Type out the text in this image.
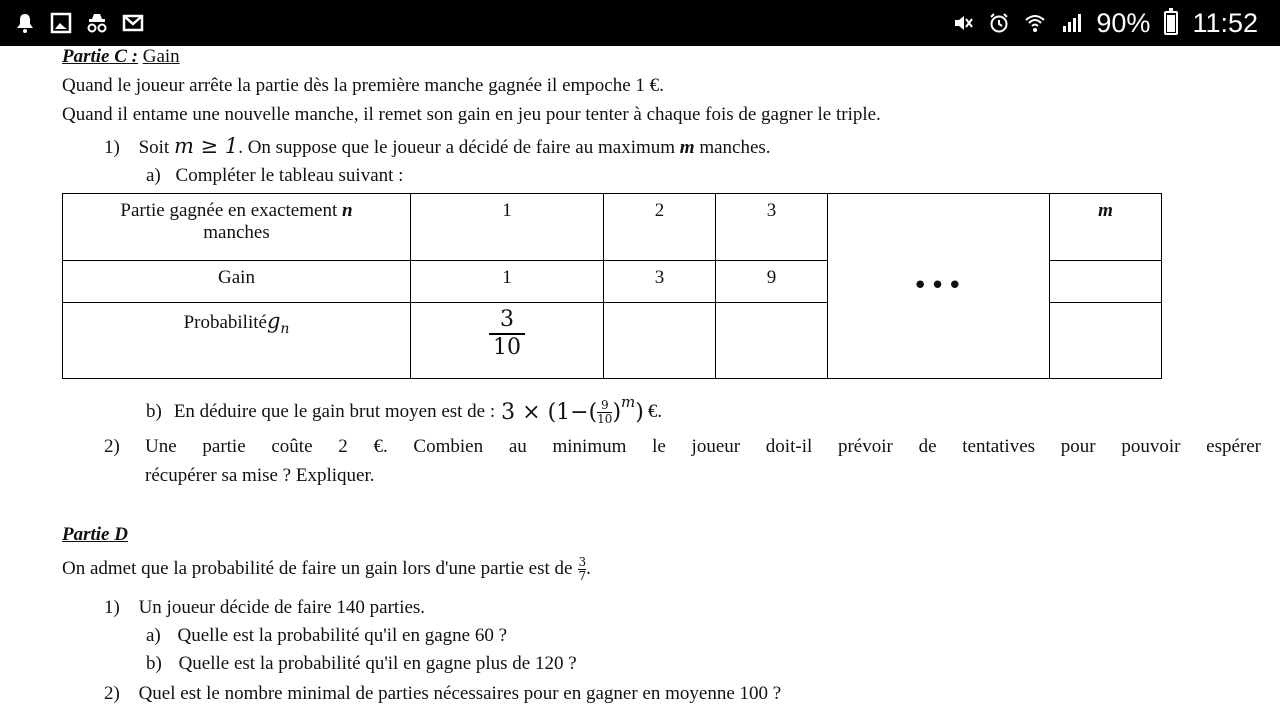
90% 11:52
Partie C : Gain
Quand le joueur arrête la partie dès la première manche gagnée il empoche 1 €.
Quand il entame une nouvelle manche, il remet son gain en jeu pour tenter à chaque fois de gagner le triple.
1) Soit m ≥ 1. On suppose que le joueur a décidé de faire au maximum m manches.
a) Compléter le tableau suivant :
Partie gagnée en exactement n
manches	1	2	3	•••	m
Gain	1	3	9		
Probabilitég$_n$	$\frac{3}{10}$

b) En déduire que le gain brut moyen est de : $3 \times (1-( \frac{9}{10} )^m$ ) €.
2) Une partie coûte 2 €. Combien au minimum le joueur doit-il prévoir de tentatives pour pouvoir espérer
récupérer sa mise ? Expliquer.
Partie D
On admet que la probabilité de faire un gain lors d'une partie est de $\frac{3}{7}$ .
1) Un joueur décide de faire 140 parties.
a) Quelle est la probabilité qu'il en gagne 60 ?
b) Quelle est la probabilité qu'il en gagne plus de 120 ?
2) Quel est le nombre minimal de parties nécessaires pour en gagner en moyenne 100 ?
